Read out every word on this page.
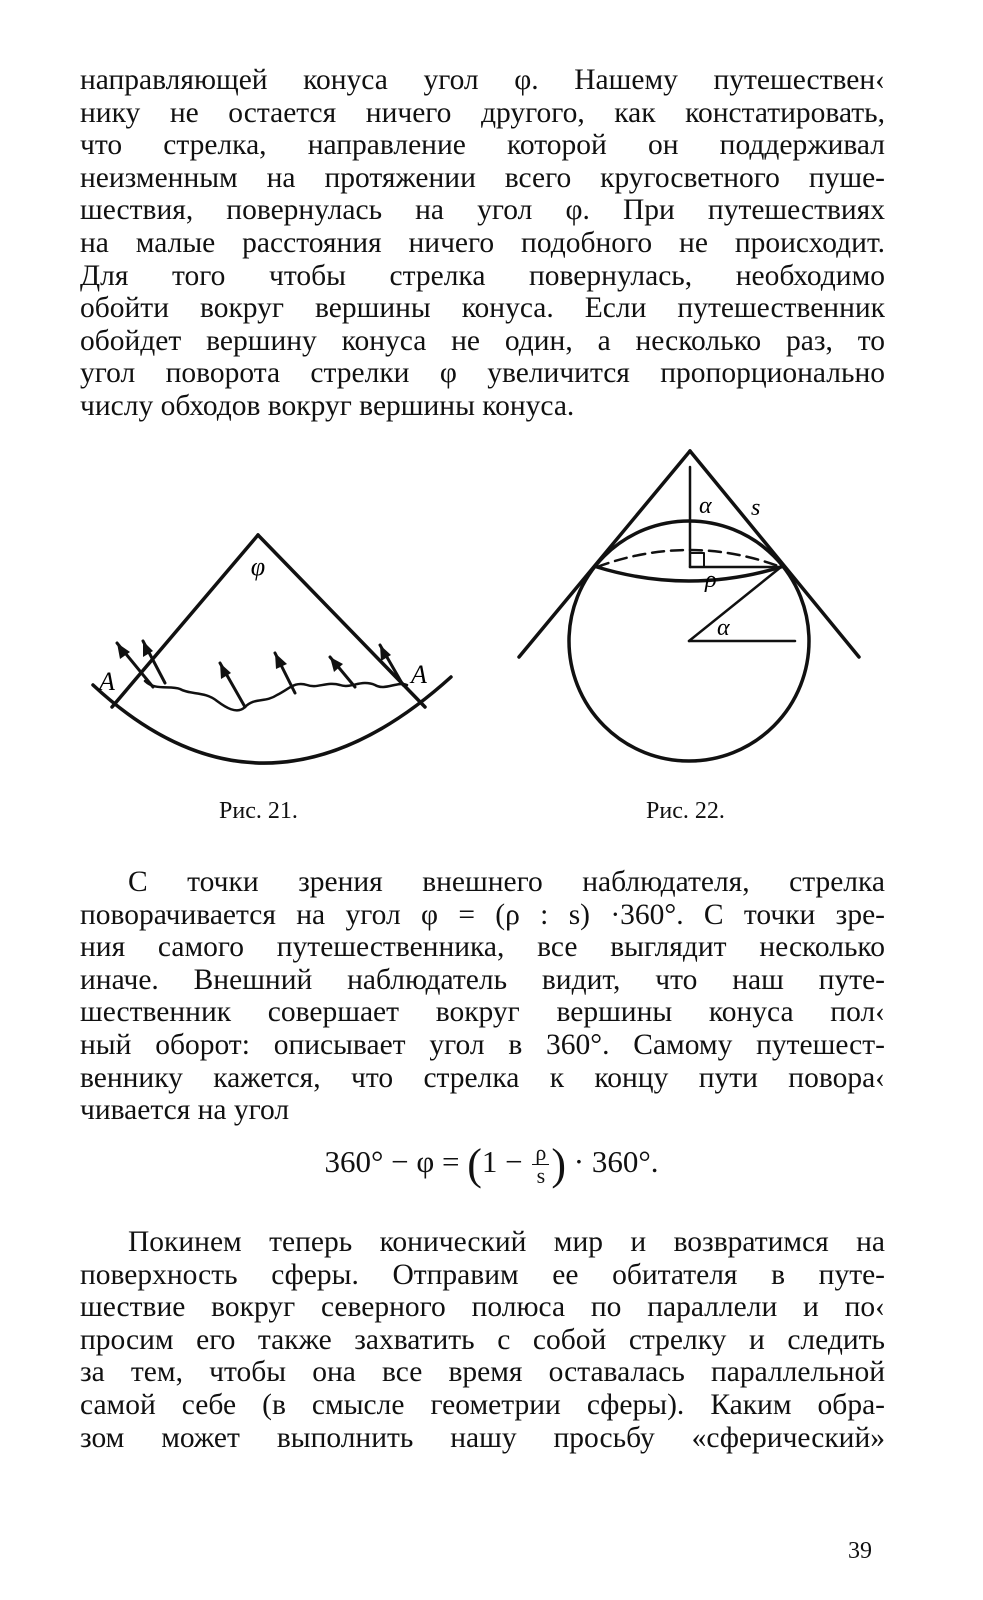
направляющей конуса угол φ. Нашему путешествен‹
нику не остается ничего другого, как констатировать,
что стрелка, направление которой он поддерживал
неизменным на протяжении всего кругосветного пуше-
шествия, повернулась на угол φ. При путешествиях
на малые расстояния ничего подобного не происходит.
Для того чтобы стрелка повернулась, необходимо
обойти вокруг вершины конуса. Если путешественник
обойдет вершину конуса не один, а несколько раз, то
угол поворота стрелки φ увеличится пропорционально
числу обходов вокруг вершины конуса.

φ
A	A
α s
ρ
α
Рис. 21.	Рис. 22.

С точки зрения внешнего наблюдателя, стрелка
поворачивается на угол φ = (ρ : s) ·360°. С точки зре-
ния самого путешественника, все выглядит несколько
иначе. Внешний наблюдатель видит, что наш путе-
шественник совершает вокруг вершины конуса пол‹
ный оборот: описывает угол в 360°. Самому путешест-
веннику кажется, что стрелка к концу пути повора‹
чивается на угол

$360^\circ - \varphi = (1 - \frac{\rho}{s}$ ) · 360°.

Покинем теперь конический мир и возвратимся на
поверхность сферы. Отправим ее обитателя в путе-
шествие вокруг северного полюса по параллели и по‹
просим его также захватить с собой стрелку и следить
за тем, чтобы она все время оставалась параллельной
самой себе (в смысле геометрии сферы). Каким обра-
зом может выполнить нашу просьбу «сферический»

39
